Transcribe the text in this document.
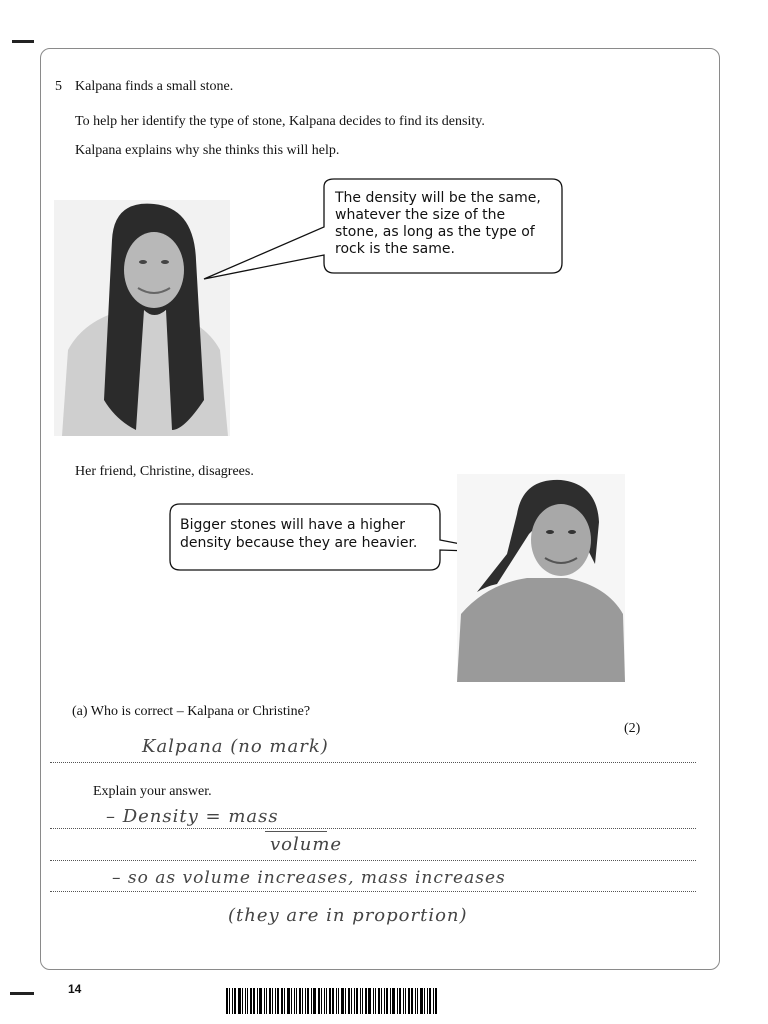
5 Kalpana finds a small stone.
To help her identify the type of stone, Kalpana decides to find its density.
Kalpana explains why she thinks this will help.
The density will be the same,
whatever the size of the
stone, as long as the type of
rock is the same.
Her friend, Christine, disagrees.
Bigger stones will have a higher
density because they are heavier.
(a) Who is correct – Kalpana or Christine?
(2)
Kalpana (no mark)
Explain your answer.
– Density = mass
volume
– so as volume increases, mass increases
(they are in proportion)
14
